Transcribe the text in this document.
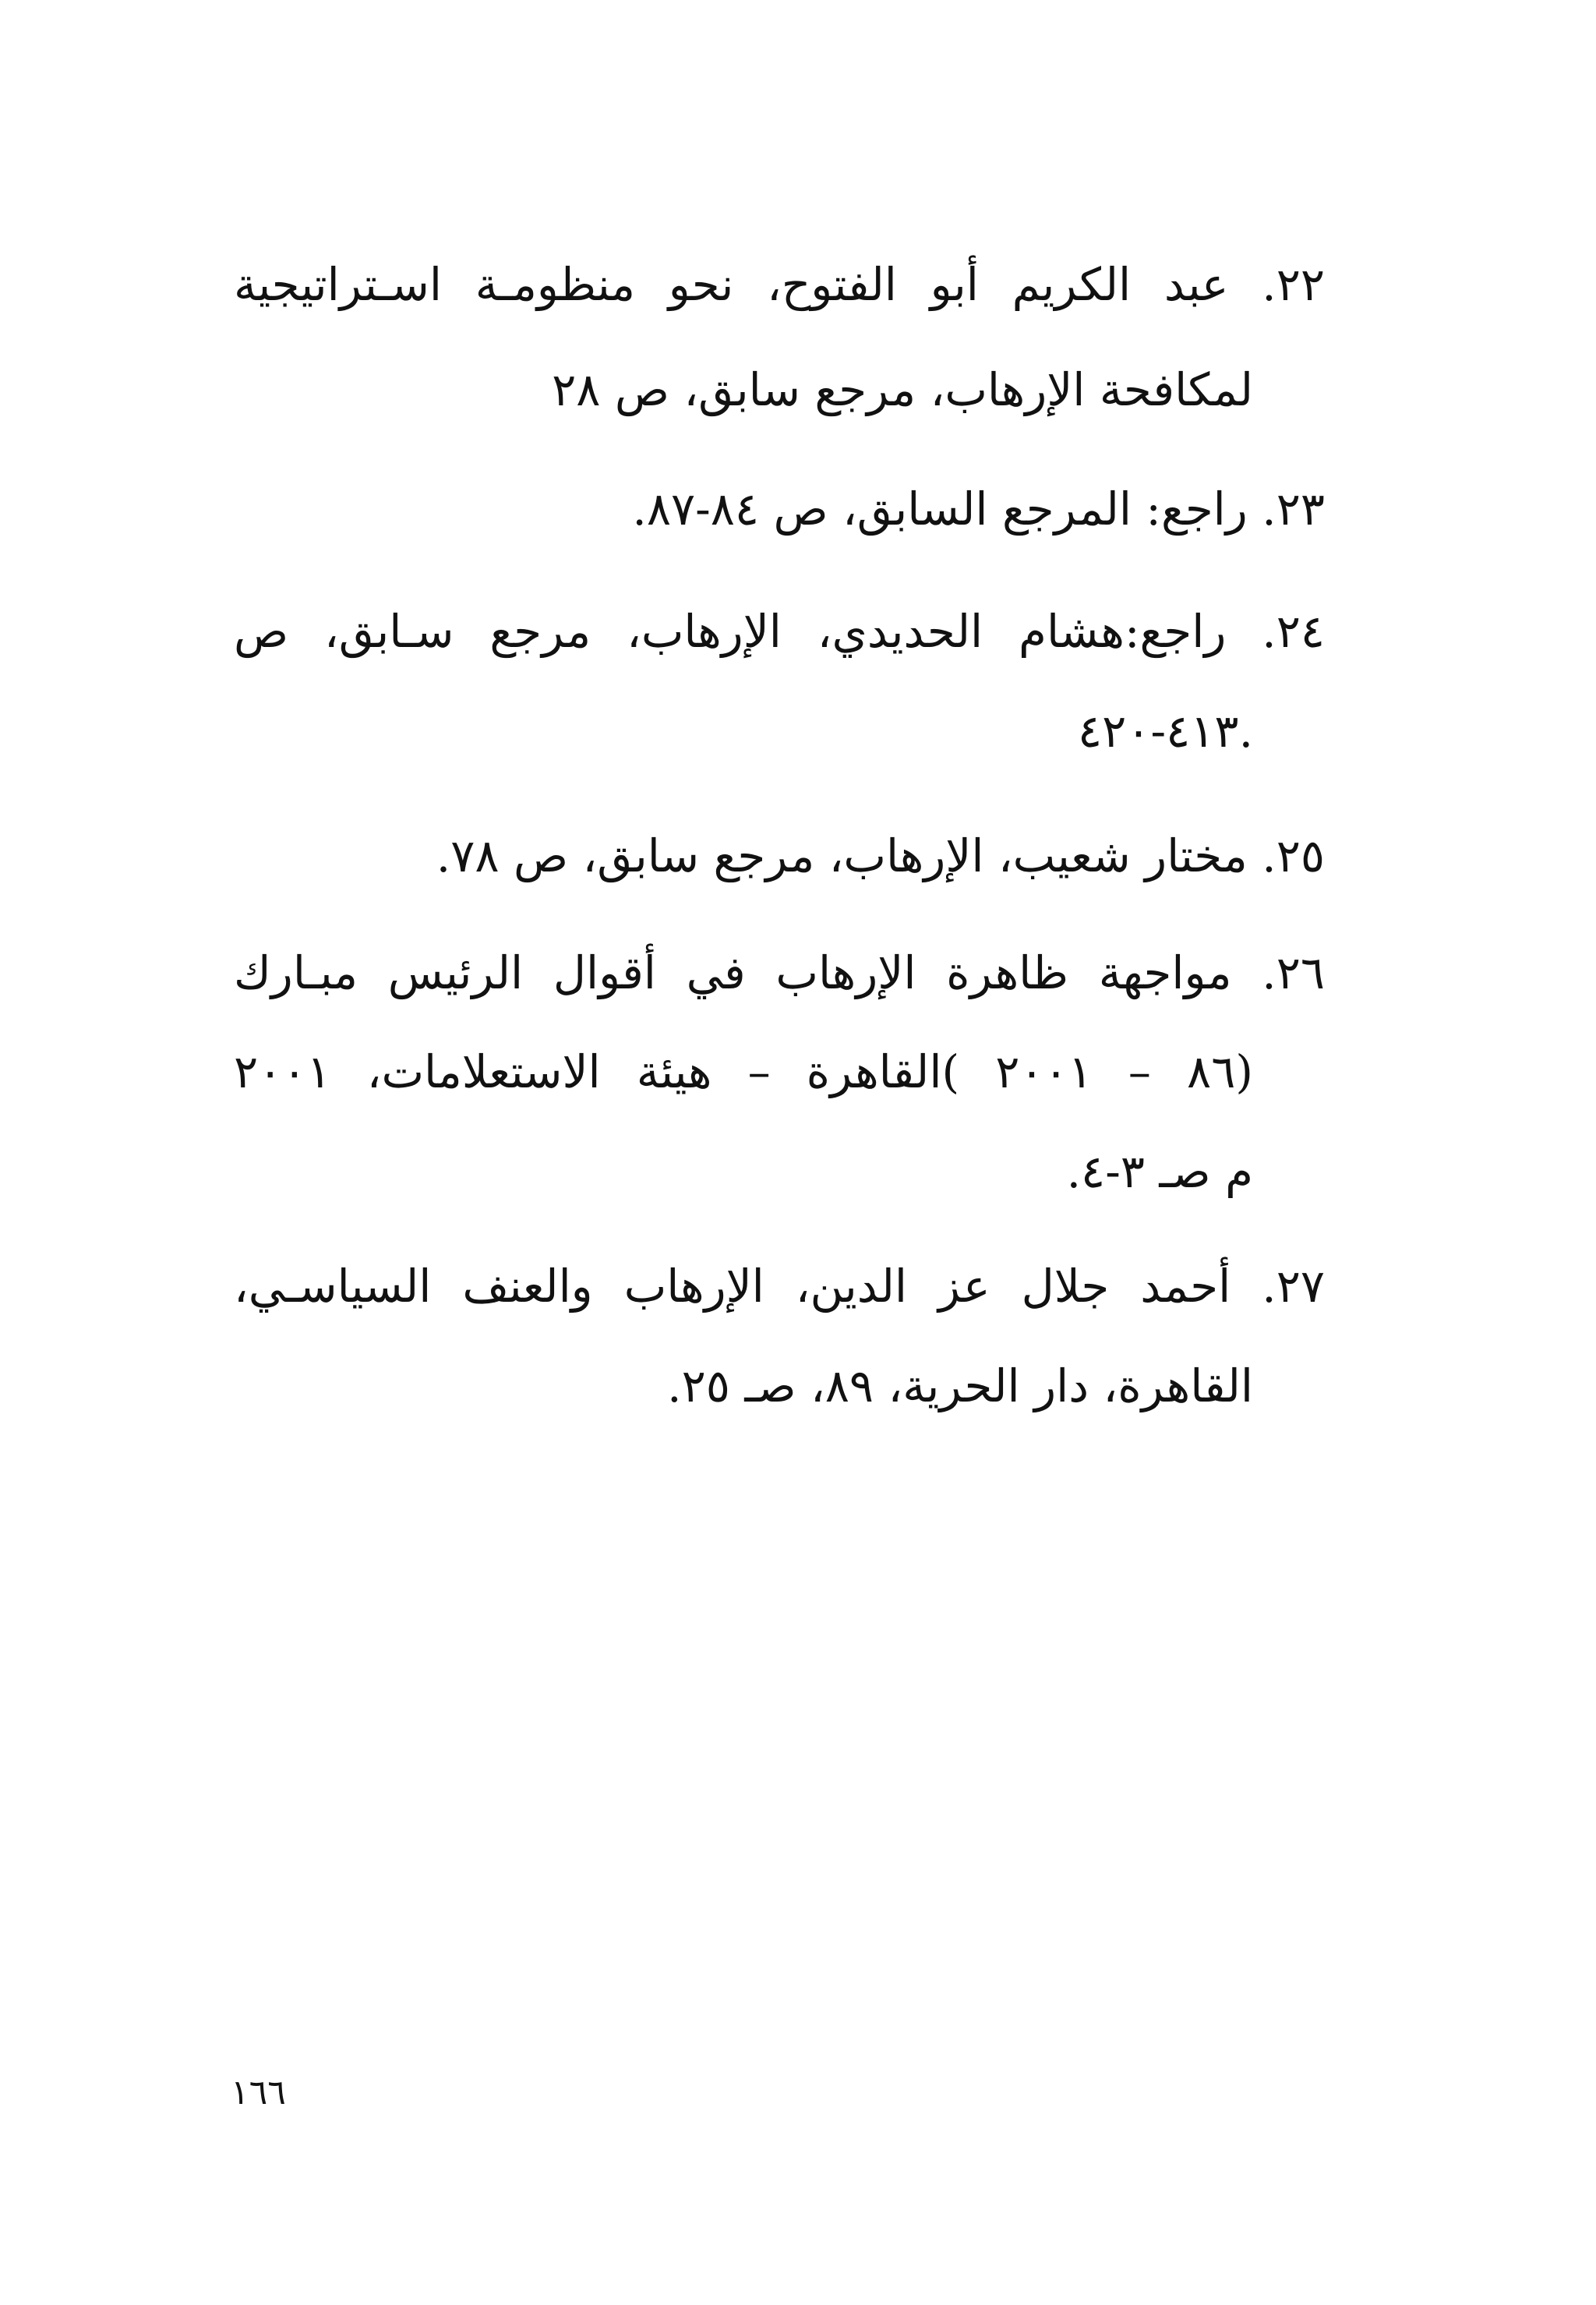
٢٢. عبد الكريم أبو الفتوح، نحو منظومـة اسـتراتيجية
لمكافحة الإرهاب، مرجع سابق، ص ٢٨
٢٣. راجع: المرجع السابق، ص ٨٤-٨٧.
٢٤. راجع:هشام الحديدي، الإرهاب، مرجع سـابق، ص
٤١٣-٤٢٠.
٢٥. مختار شعيب، الإرهاب، مرجع سابق، ص ٧٨.
٢٦. مواجهة ظاهرة الإرهاب في أقوال الرئيس مبـارك
(٨٦ – ٢٠٠١ )القاهرة – هيئة الاستعلامات، ٢٠٠١
م صـ ٣-٤.
٢٧. أحمد جلال عز الدين، الإرهاب والعنف السياسـي،
القاهرة، دار الحرية، ٨٩، صـ ٢٥.
١٦٦
